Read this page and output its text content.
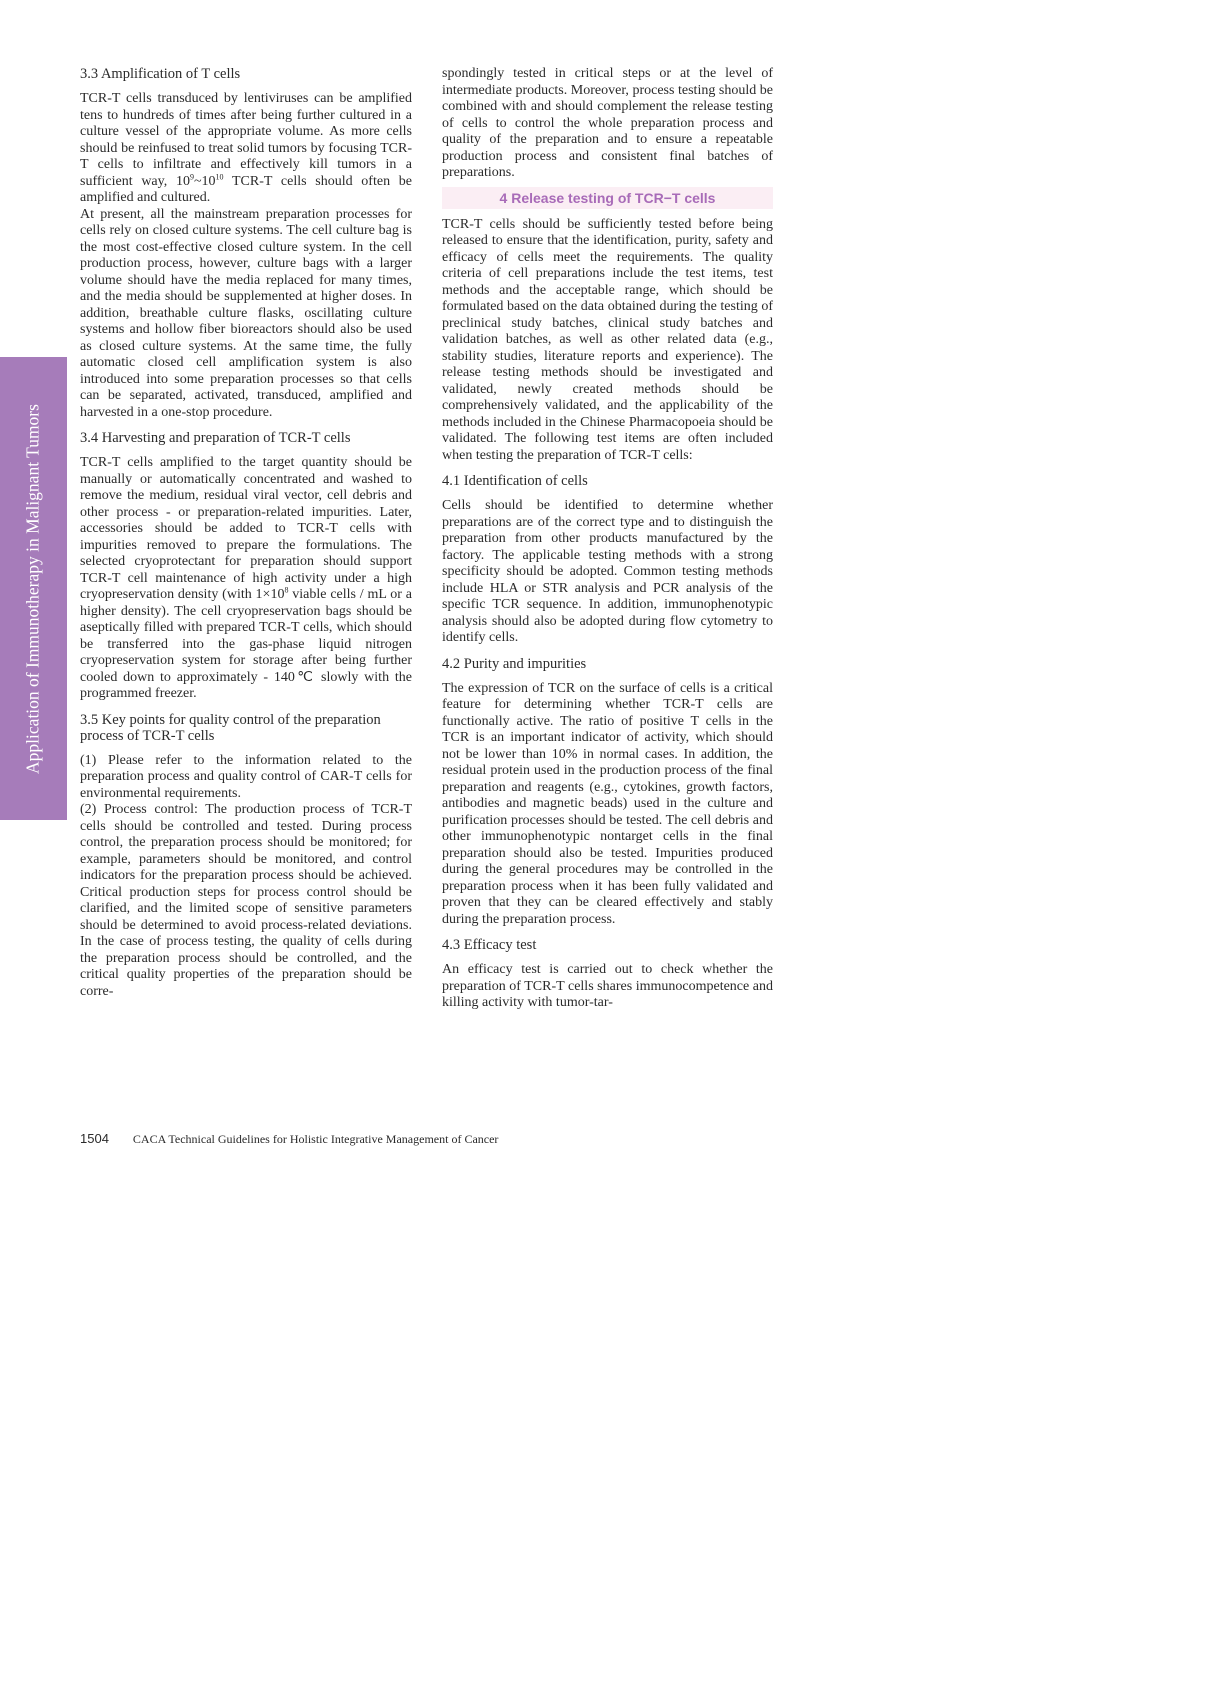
Application of Immunotherapy in Malignant Tumors

3.3 Amplification of T cells

TCR-T cells transduced by lentiviruses can be amplified tens to hundreds of times after being further cultured in a culture vessel of the appropriate volume. As more cells should be reinfused to treat solid tumors by focusing TCR-T cells to infiltrate and effectively kill tumors in a sufficient way, $10^9\sim 10^{10}$ TCR-T cells should often be amplified and cultured.

At present, all the mainstream preparation processes for cells rely on closed culture systems. The cell culture bag is the most cost-effective closed culture system. In the cell production process, however, culture bags with a larger volume should have the media replaced for many times, and the media should be supplemented at higher doses. In addition, breathable culture flasks, oscillating culture systems and hollow fiber bioreactors should also be used as closed culture systems. At the same time, the fully automatic closed cell amplification system is also introduced into some preparation processes so that cells can be separated, activated, transduced, amplified and harvested in a one-stop procedure.

3.4 Harvesting and preparation of TCR-T cells

TCR-T cells amplified to the target quantity should be manually or automatically concentrated and washed to remove the medium, residual viral vector, cell debris and other process - or preparation-related impurities. Later, accessories should be added to TCR-T cells with impurities removed to prepare the formulations. The selected cryoprotectant for preparation should support TCR-T cell maintenance of high activity under a high cryopreservation density (with $1\times 10^8$ viable cells / mL or a higher density). The cell cryopreservation bags should be aseptically filled with prepared TCR-T cells, which should be transferred into the gas-phase liquid nitrogen cryopreservation system for storage after being further cooled down to approximately - 140℃ slowly with the programmed freezer.

3.5 Key points for quality control of the preparation process of TCR-T cells

(1) Please refer to the information related to the preparation process and quality control of CAR-T cells for environmental requirements.

(2) Process control: The production process of TCR-T cells should be controlled and tested. During process control, the preparation process should be monitored; for example, parameters should be monitored, and control indicators for the preparation process should be achieved. Critical production steps for process control should be clarified, and the limited scope of sensitive parameters should be determined to avoid process-related deviations. In the case of process testing, the quality of cells during the preparation process should be controlled, and the critical quality properties of the preparation should be corre-

spondingly tested in critical steps or at the level of intermediate products. Moreover, process testing should be combined with and should complement the release testing of cells to control the whole preparation process and quality of the preparation and to ensure a repeatable production process and consistent final batches of preparations.

4 Release testing of TCR−T cells

TCR-T cells should be sufficiently tested before being released to ensure that the identification, purity, safety and efficacy of cells meet the requirements. The quality criteria of cell preparations include the test items, test methods and the acceptable range, which should be formulated based on the data obtained during the testing of preclinical study batches, clinical study batches and validation batches, as well as other related data (e.g., stability studies, literature reports and experience). The release testing methods should be investigated and validated, newly created methods should be comprehensively validated, and the applicability of the methods included in the Chinese Pharmacopoeia should be validated. The following test items are often included when testing the preparation of TCR-T cells:

4.1 Identification of cells

Cells should be identified to determine whether preparations are of the correct type and to distinguish the preparation from other products manufactured by the factory. The applicable testing methods with a strong specificity should be adopted. Common testing methods include HLA or STR analysis and PCR analysis of the specific TCR sequence. In addition, immunophenotypic analysis should also be adopted during flow cytometry to identify cells.

4.2 Purity and impurities

The expression of TCR on the surface of cells is a critical feature for determining whether TCR-T cells are functionally active. The ratio of positive T cells in the TCR is an important indicator of activity, which should not be lower than 10% in normal cases. In addition, the residual protein used in the production process of the final preparation and reagents (e.g., cytokines, growth factors, antibodies and magnetic beads) used in the culture and purification processes should be tested. The cell debris and other immunophenotypic nontarget cells in the final preparation should also be tested. Impurities produced during the general procedures may be controlled in the preparation process when it has been fully validated and proven that they can be cleared effectively and stably during the preparation process.

4.3 Efficacy test

An efficacy test is carried out to check whether the preparation of TCR-T cells shares immunocompetence and killing activity with tumor-tar-

1504 CACA Technical Guidelines for Holistic Integrative Management of Cancer
